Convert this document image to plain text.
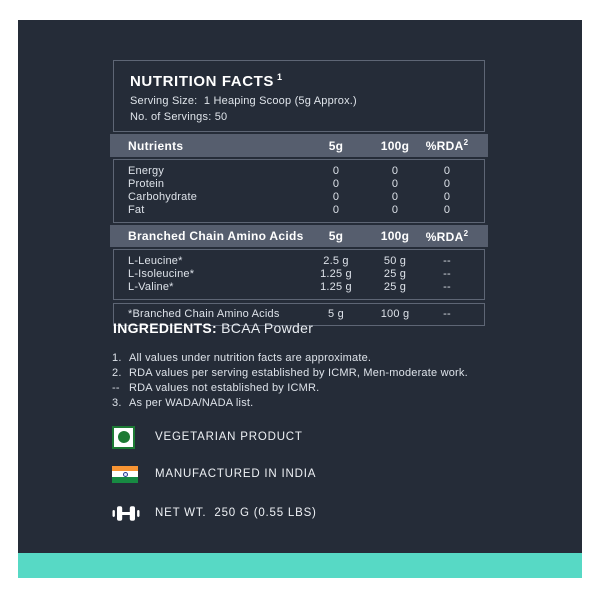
NUTRITION FACTS $^1$
Serving Size:  1 Heaping Scoop (5g Approx.)
No. of Servings: 50
Nutrients	5g	100g	%RDA$^2$
Energy	0	0	0
Protein	0	0	0
Carbohydrate	0	0	0
Fat	0	0	0
Branched Chain Amino Acids	5g	100g	%RDA$^2$
L-Leucine*	2.5 g	50 g	--
L-Isoleucine*	1.25 g	25 g	--
L-Valine*	1.25 g	25 g	--
*Branched Chain Amino Acids	5 g	100 g	--
INGREDIENTS: BCAA Powder
1. All values under nutrition facts are approximate.
2. RDA values per serving established by ICMR, Men-moderate work.
-- RDA values not established by ICMR.
3. As per WADA/NADA list.
VEGETARIAN PRODUCT
MANUFACTURED IN INDIA
NET WT.  250 G (0.55 LBS)
